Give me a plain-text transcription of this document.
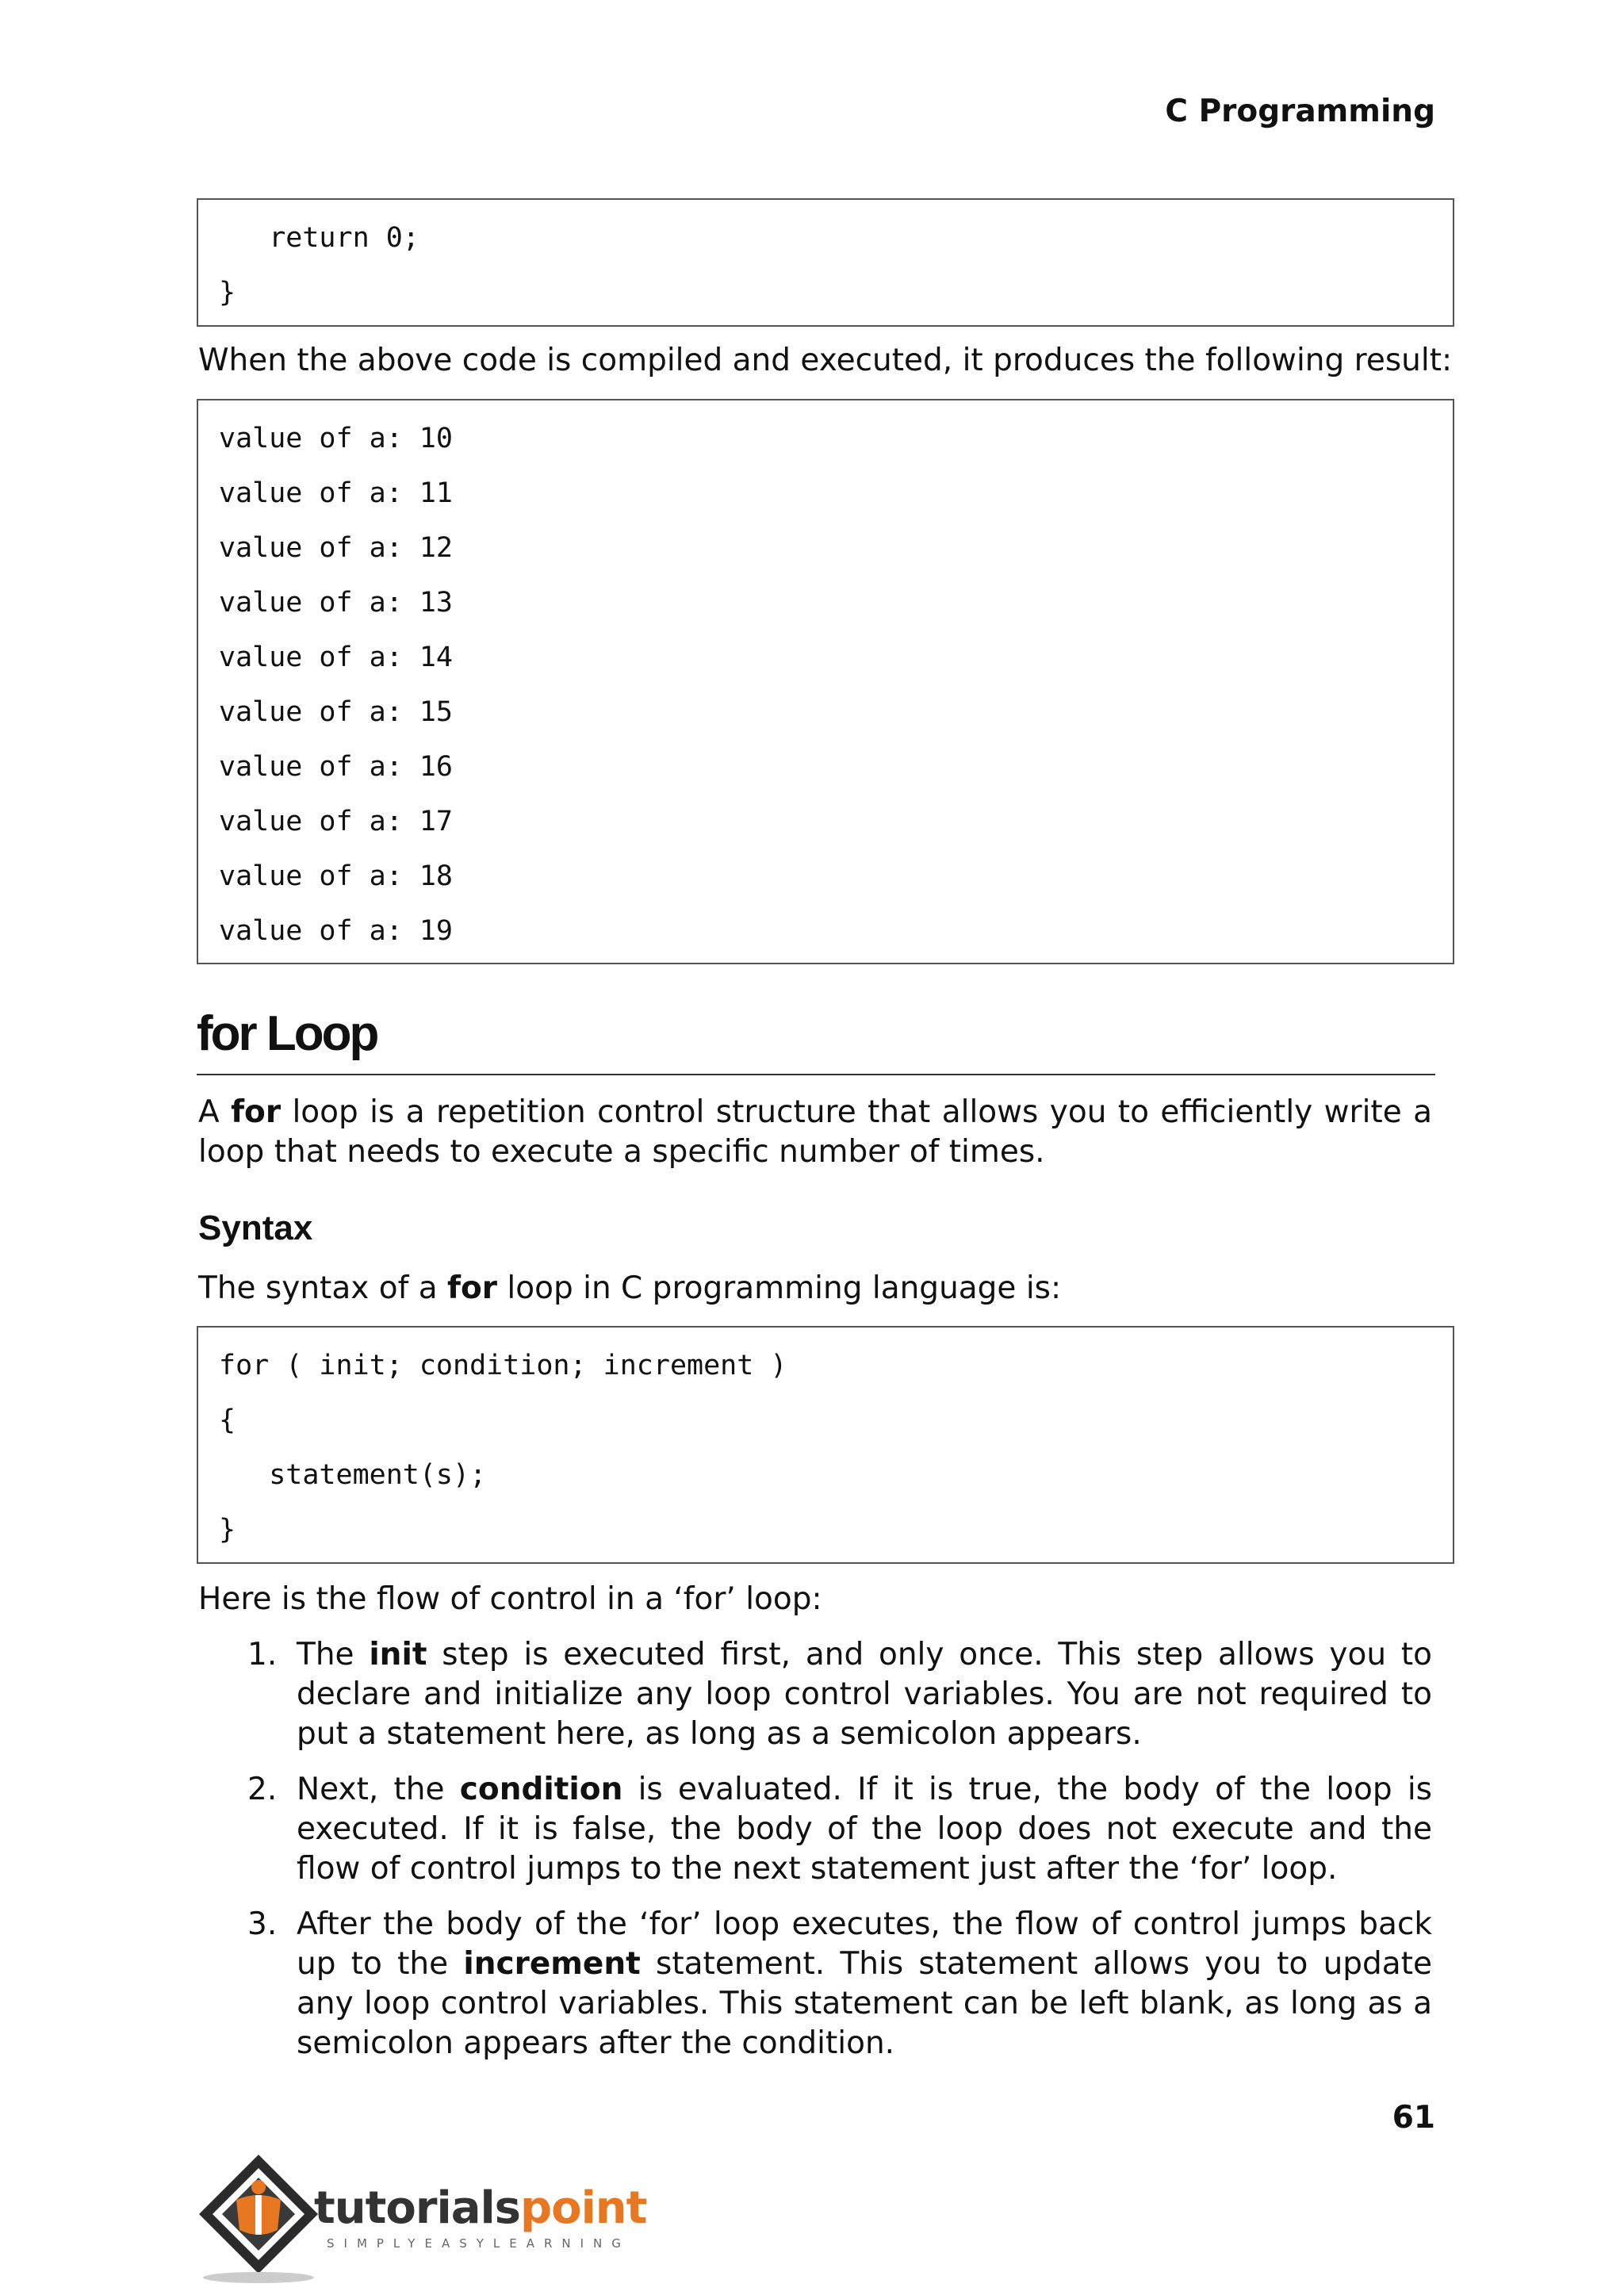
C Programming
return 0;
}
When the above code is compiled and executed, it produces the following result:
value of a: 10
value of a: 11
value of a: 12
value of a: 13
value of a: 14
value of a: 15
value of a: 16
value of a: 17
value of a: 18
value of a: 19
for Loop
A for loop is a repetition control structure that allows you to efficiently write a loop that needs to execute a specific number of times.
Syntax
The syntax of a for loop in C programming language is:
for ( init; condition; increment )
{
statement(s);
}
Here is the flow of control in a ‘for’ loop:
1. The init step is executed first, and only once. This step allows you to declare and initialize any loop control variables. You are not required to put a statement here, as long as a semicolon appears.
2. Next, the condition is evaluated. If it is true, the body of the loop is executed. If it is false, the body of the loop does not execute and the flow of control jumps to the next statement just after the ‘for’ loop.
3. After the body of the ‘for’ loop executes, the flow of control jumps back up to the increment statement. This statement allows you to update any loop control variables. This statement can be left blank, as long as a semicolon appears after the condition.
61
tutorialspoint
SIMPLYEASYLEARNING
